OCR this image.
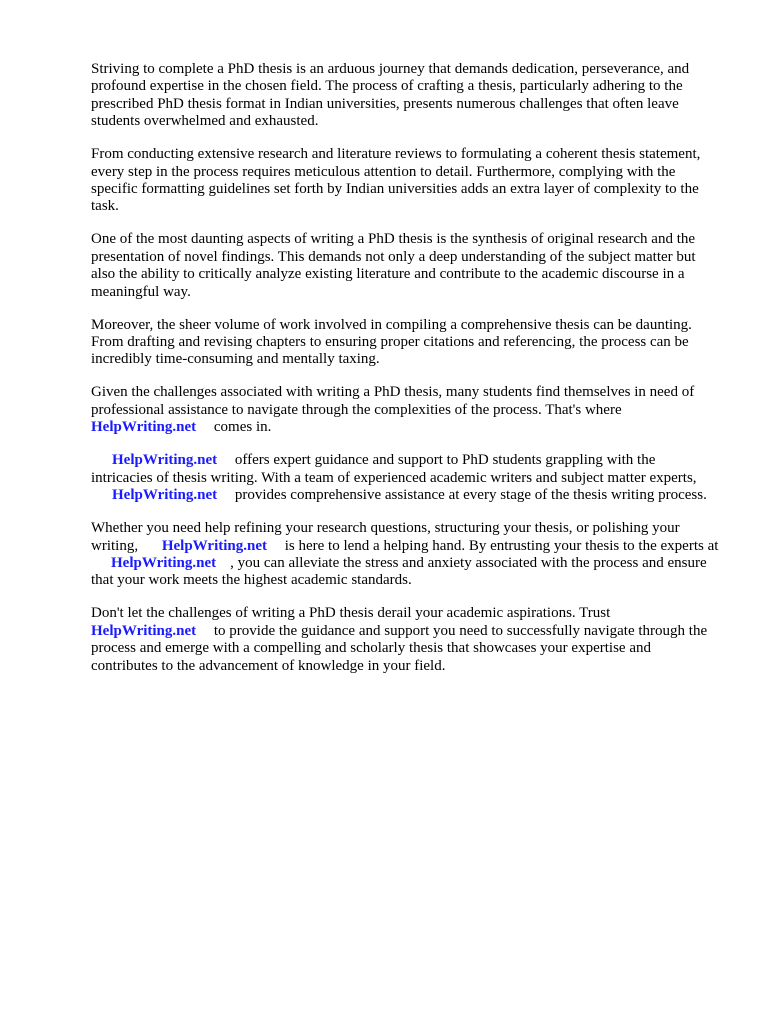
Striving to complete a PhD thesis is an arduous journey that demands dedication, perseverance, and profound expertise in the chosen field. The process of crafting a thesis, particularly adhering to the prescribed PhD thesis format in Indian universities, presents numerous challenges that often leave students overwhelmed and exhausted.

From conducting extensive research and literature reviews to formulating a coherent thesis statement, every step in the process requires meticulous attention to detail. Furthermore, complying with the specific formatting guidelines set forth by Indian universities adds an extra layer of complexity to the task.

One of the most daunting aspects of writing a PhD thesis is the synthesis of original research and the presentation of novel findings. This demands not only a deep understanding of the subject matter but also the ability to critically analyze existing literature and contribute to the academic discourse in a meaningful way.

Moreover, the sheer volume of work involved in compiling a comprehensive thesis can be daunting. From drafting and revising chapters to ensuring proper citations and referencing, the process can be incredibly time-consuming and mentally taxing.

Given the challenges associated with writing a PhD thesis, many students find themselves in need of professional assistance to navigate through the complexities of the process. That's where
HelpWriting.net comes in.

HelpWriting.net offers expert guidance and support to PhD students grappling with the intricacies of thesis writing. With a team of experienced academic writers and subject matter experts,
HelpWriting.net provides comprehensive assistance at every stage of the thesis writing process.

Whether you need help refining your research questions, structuring your thesis, or polishing your writing, HelpWriting.net is here to lend a helping hand. By entrusting your thesis to the experts at HelpWriting.net , you can alleviate the stress and anxiety associated with the process and ensure that your work meets the highest academic standards.

Don't let the challenges of writing a PhD thesis derail your academic aspirations. Trust
HelpWriting.net to provide the guidance and support you need to successfully navigate through the process and emerge with a compelling and scholarly thesis that showcases your expertise and contributes to the advancement of knowledge in your field.
